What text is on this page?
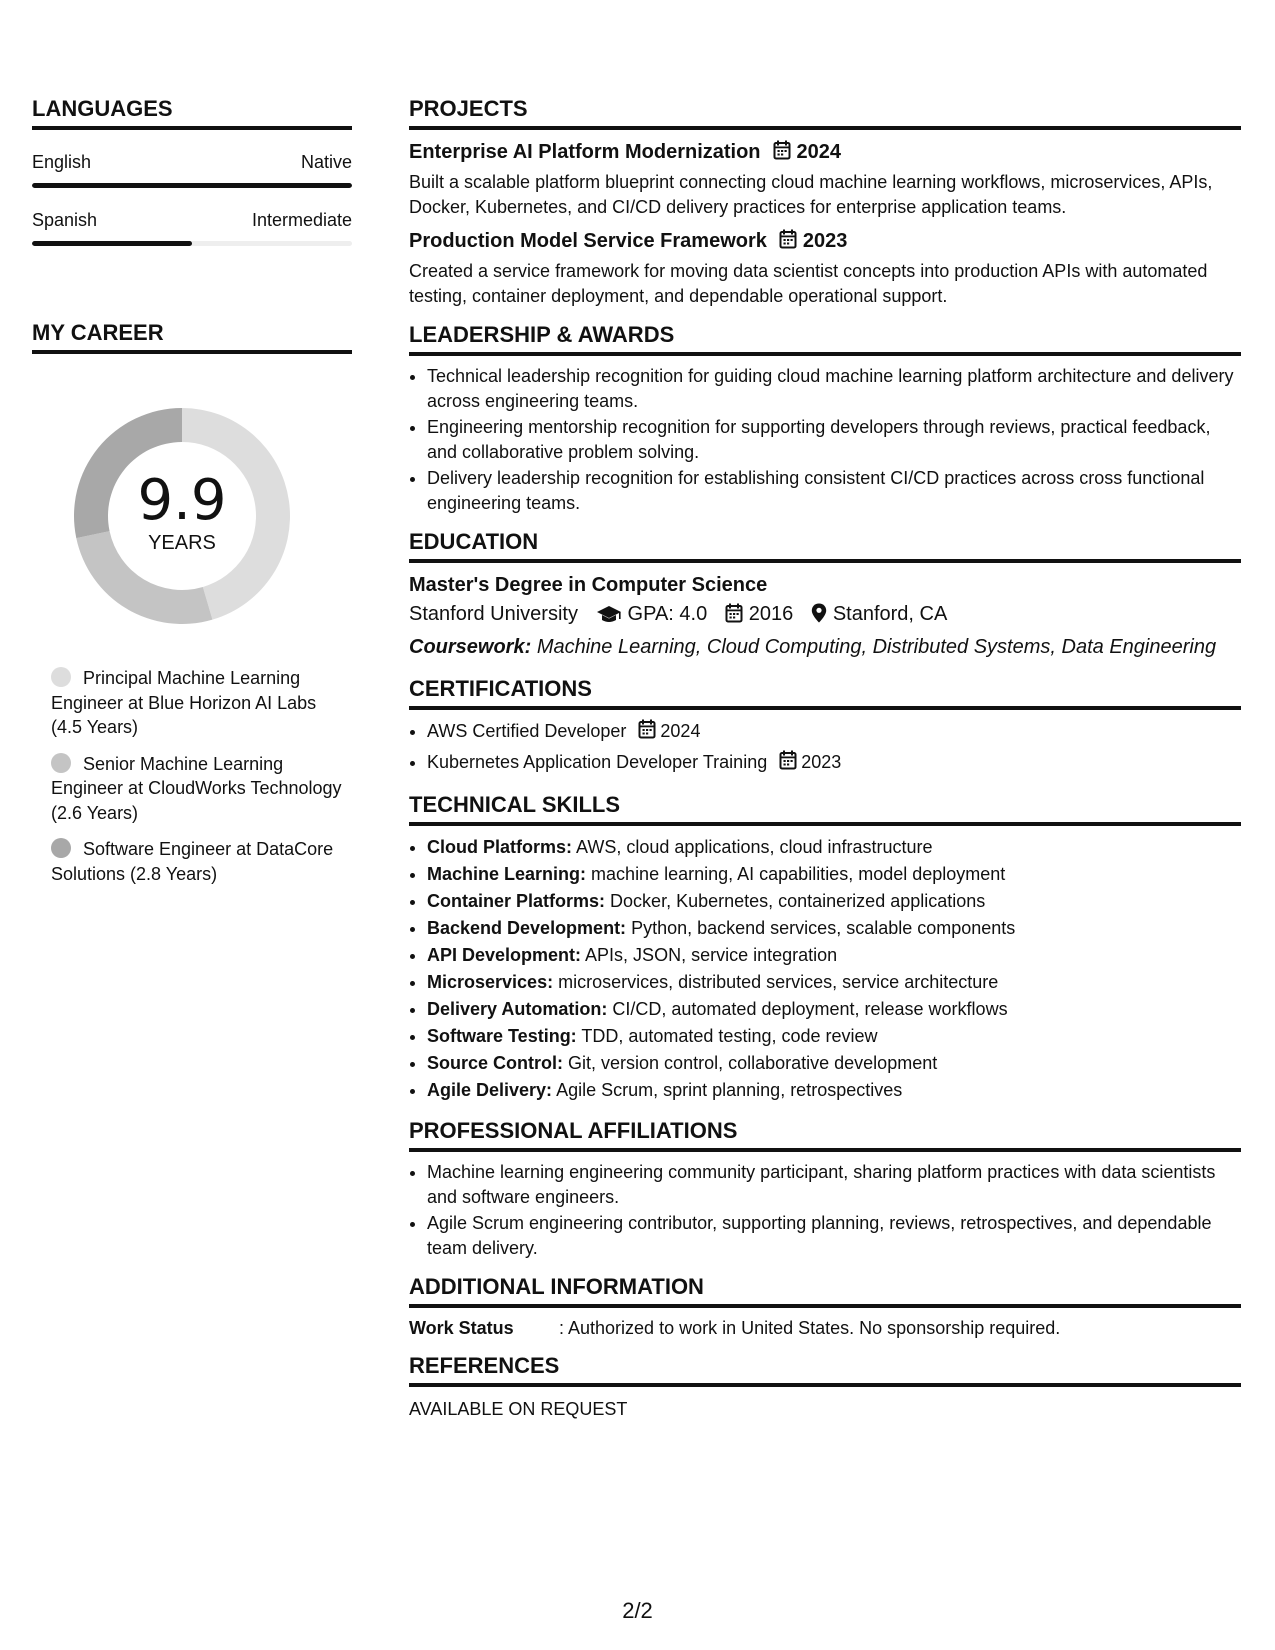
LANGUAGES
English	Native
Spanish	Intermediate
MY CAREER
9.9
YEARS
Principal Machine Learning Engineer at Blue Horizon AI Labs (4.5 Years)
Senior Machine Learning Engineer at CloudWorks Technology (2.6 Years)
Software Engineer at DataCore Solutions (2.8 Years)
PROJECTS
Enterprise AI Platform Modernization 2024
Built a scalable platform blueprint connecting cloud machine learning workflows, microservices, APIs, Docker, Kubernetes, and CI/CD delivery practices for enterprise application teams.
Production Model Service Framework 2023
Created a service framework for moving data scientist concepts into production APIs with automated testing, container deployment, and dependable operational support.
LEADERSHIP & AWARDS
• Technical leadership recognition for guiding cloud machine learning platform architecture and delivery across engineering teams.
• Engineering mentorship recognition for supporting developers through reviews, practical feedback, and collaborative problem solving.
• Delivery leadership recognition for establishing consistent CI/CD practices across cross functional engineering teams.
EDUCATION
Master's Degree in Computer Science
Stanford University GPA: 4.0 2016 Stanford, CA
Coursework: Machine Learning, Cloud Computing, Distributed Systems, Data Engineering
CERTIFICATIONS
• AWS Certified Developer 2024
• Kubernetes Application Developer Training 2023
TECHNICAL SKILLS
• Cloud Platforms: AWS, cloud applications, cloud infrastructure
• Machine Learning: machine learning, AI capabilities, model deployment
• Container Platforms: Docker, Kubernetes, containerized applications
• Backend Development: Python, backend services, scalable components
• API Development: APIs, JSON, service integration
• Microservices: microservices, distributed services, service architecture
• Delivery Automation: CI/CD, automated deployment, release workflows
• Software Testing: TDD, automated testing, code review
• Source Control: Git, version control, collaborative development
• Agile Delivery: Agile Scrum, sprint planning, retrospectives
PROFESSIONAL AFFILIATIONS
• Machine learning engineering community participant, sharing platform practices with data scientists and software engineers.
• Agile Scrum engineering contributor, supporting planning, reviews, retrospectives, and dependable team delivery.
ADDITIONAL INFORMATION
Work Status	: Authorized to work in United States. No sponsorship required.
REFERENCES
AVAILABLE ON REQUEST
2/2
